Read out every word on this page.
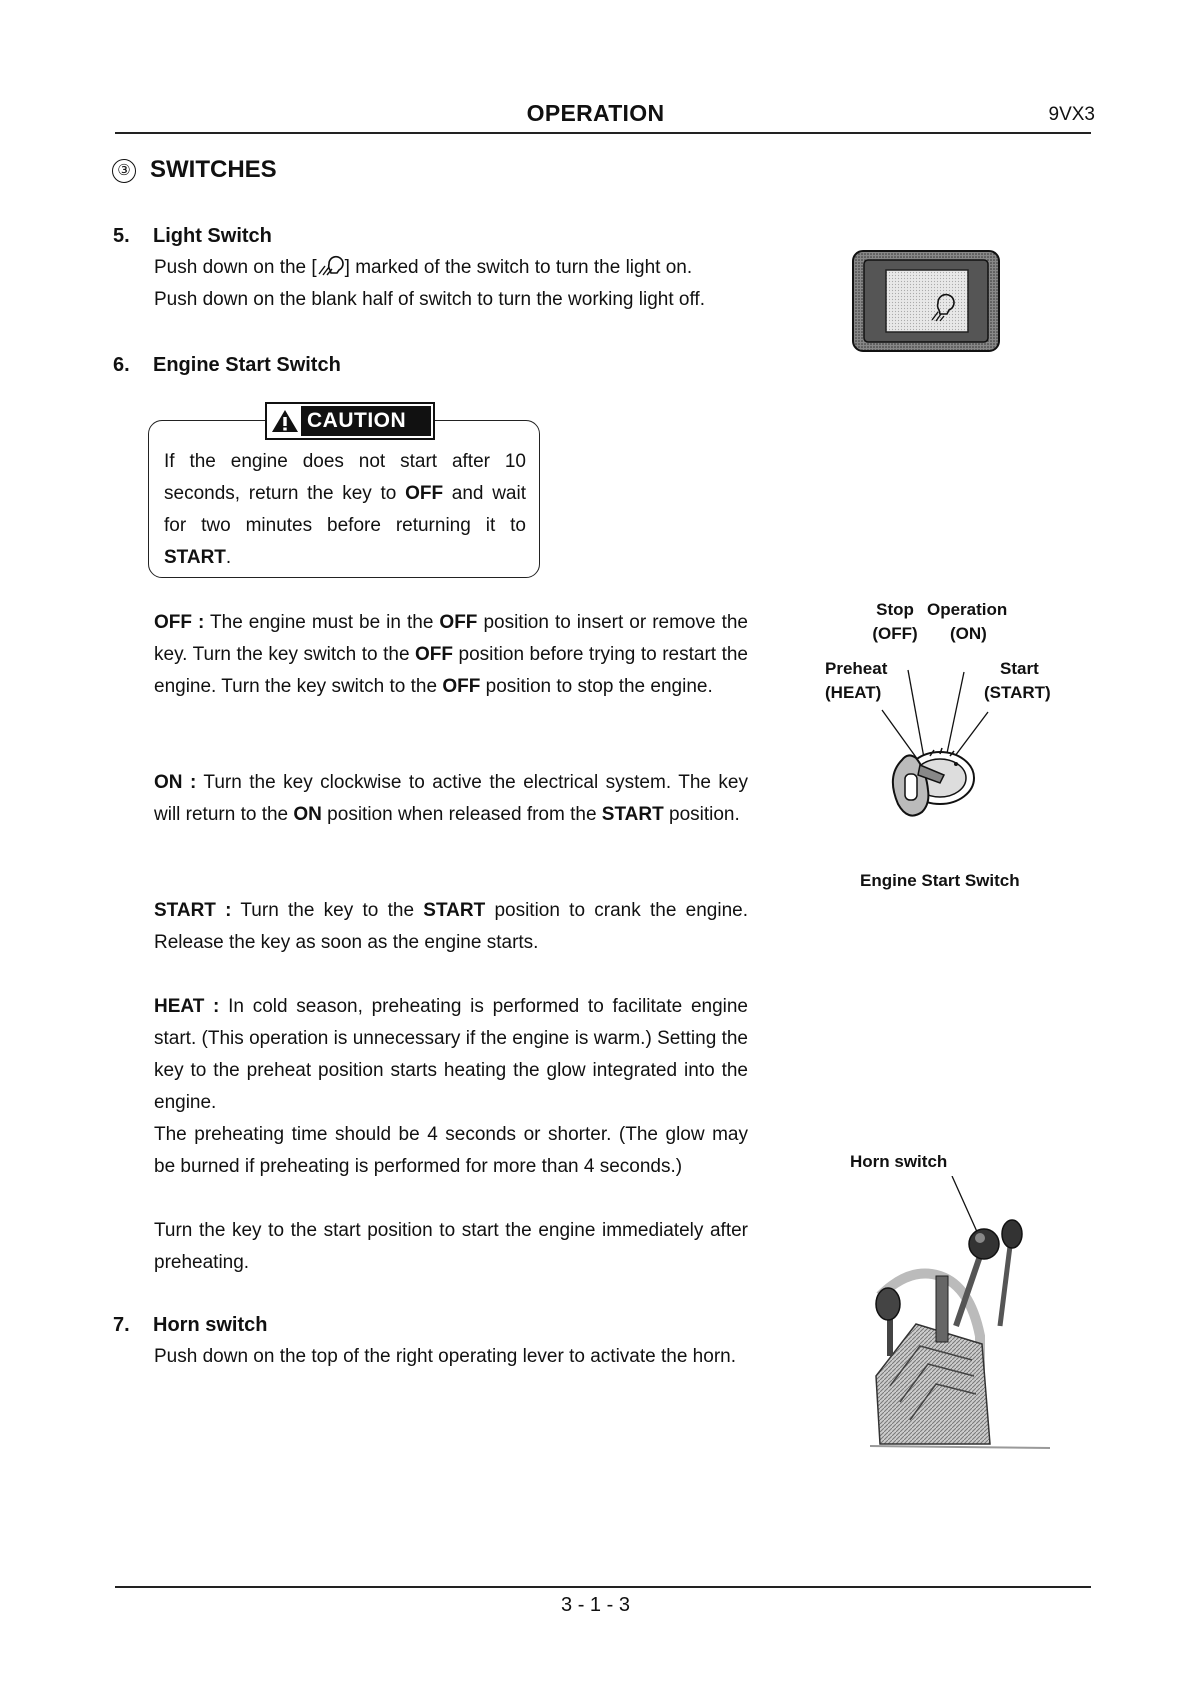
OPERATION	9VX3
③ SWITCHES
5. Light Switch
Push down on the [ ] marked of the switch to turn the light on.
Push down on the blank half of switch to turn the working light off.
6. Engine Start Switch
CAUTION
If the engine does not start after 10 seconds, return the key to OFF and wait for two minutes before returning it to START.
OFF : The engine must be in the OFF position to insert or remove the key. Turn the key switch to the OFF position before trying to restart the engine. Turn the key switch to the OFF position to stop the engine.
ON : Turn the key clockwise to active the electrical system. The key will return to the ON position when released from the START position.
START : Turn the key to the START position to crank the engine. Release the key as soon as the engine starts.
HEAT : In cold season, preheating is performed to facilitate engine start. (This operation is unnecessary if the engine is warm.) Setting the key to the preheat position starts heating the glow integrated into the engine.
The preheating time should be 4 seconds or shorter. (The glow may be burned if preheating is performed for more than 4 seconds.)
Turn the key to the start position to start the engine immediately after preheating.
Stop
(OFF)
Operation
(ON)
Preheat
(HEAT)
Start
(START)
Engine Start Switch
7. Horn switch
Push down on the top of the right operating lever to activate the horn.
Horn switch
3 - 1 - 3
